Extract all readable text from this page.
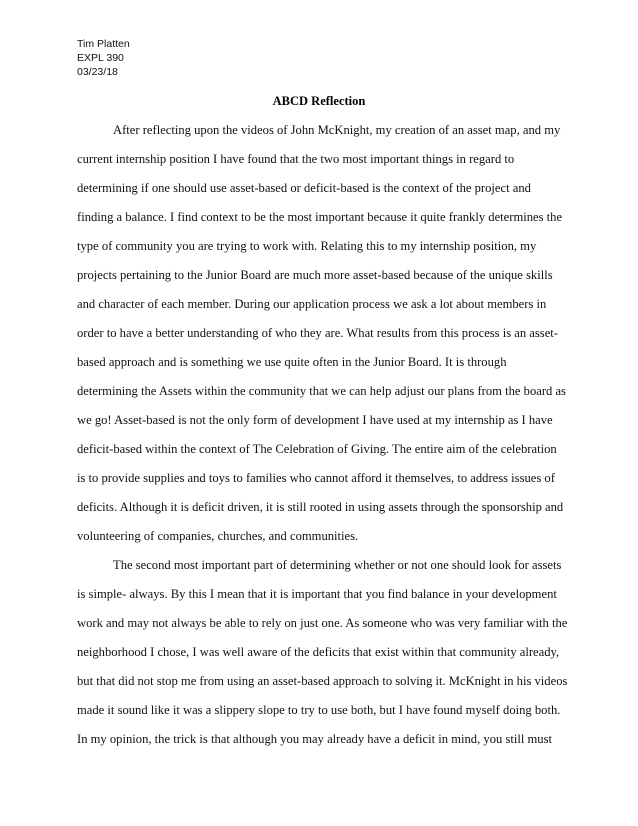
Tim Platten
EXPL 390
03/23/18
ABCD Reflection
After reflecting upon the videos of John McKnight, my creation of an asset map, and my
current internship position I have found that the two most important things in regard to
determining if one should use asset-based or deficit-based is the context of the project and
finding a balance. I find context to be the most important because it quite frankly determines the
type of community you are trying to work with. Relating this to my internship position, my
projects pertaining to the Junior Board are much more asset-based because of the unique skills
and character of each member. During our application process we ask a lot about members in
order to have a better understanding of who they are. What results from this process is an asset-
based approach and is something we use quite often in the Junior Board. It is through
determining the Assets within the community that we can help adjust our plans from the board as
we go! Asset-based is not the only form of development I have used at my internship as I have
deficit-based within the context of The Celebration of Giving. The entire aim of the celebration
is to provide supplies and toys to families who cannot afford it themselves, to address issues of
deficits. Although it is deficit driven, it is still rooted in using assets through the sponsorship and
volunteering of companies, churches, and communities.
The second most important part of determining whether or not one should look for assets
is simple- always. By this I mean that it is important that you find balance in your development
work and may not always be able to rely on just one. As someone who was very familiar with the
neighborhood I chose, I was well aware of the deficits that exist within that community already,
but that did not stop me from using an asset-based approach to solving it. McKnight in his videos
made it sound like it was a slippery slope to try to use both, but I have found myself doing both.
In my opinion, the trick is that although you may already have a deficit in mind, you still must
